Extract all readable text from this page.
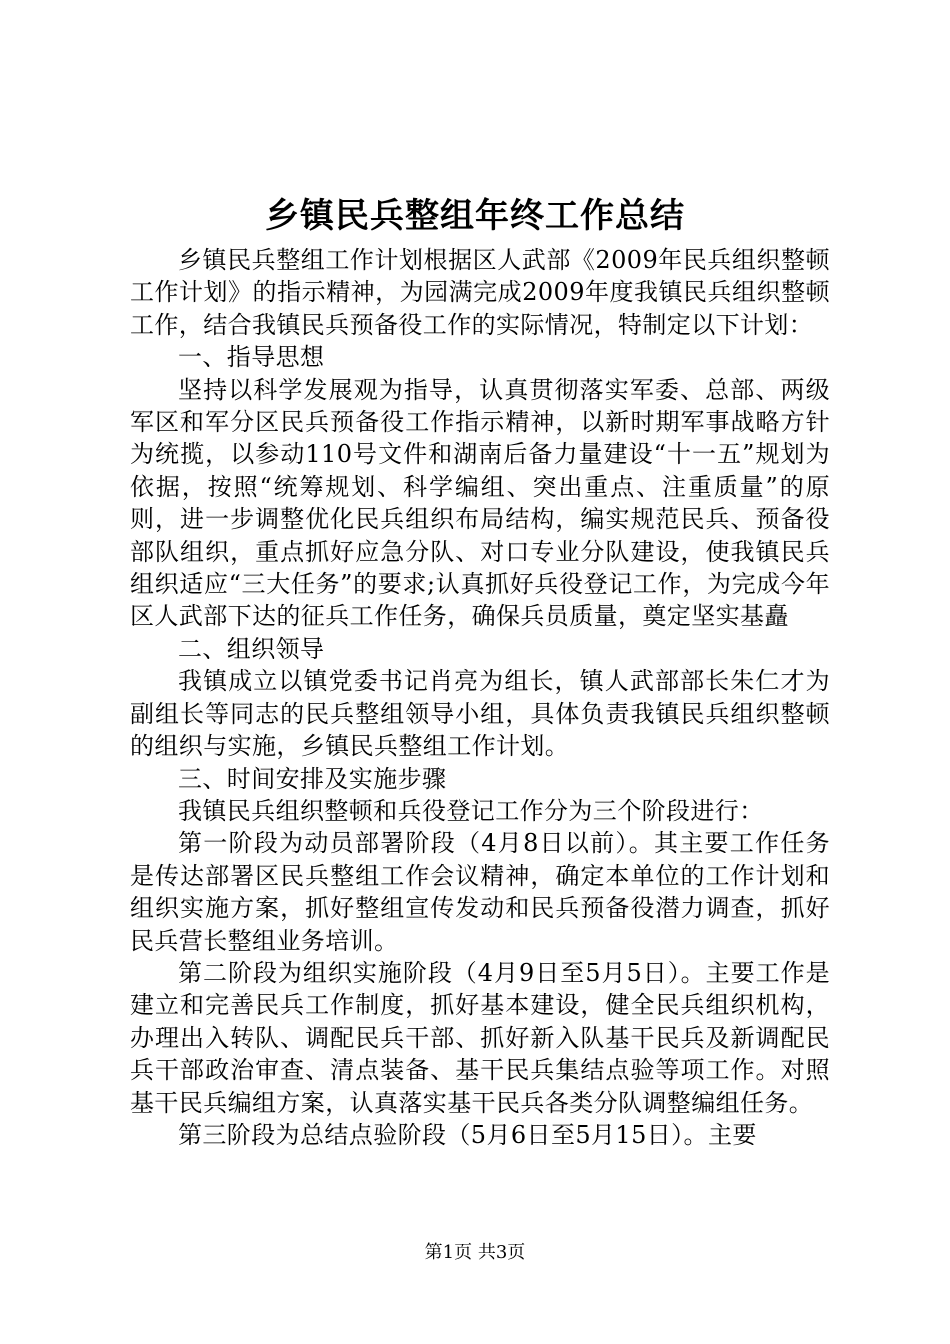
乡镇民兵整组年终工作总结

乡镇民兵整组工作计划根据区人武部《2009年民兵组织整顿工作计划》的指示精神，为园满完成2009年度我镇民兵组织整顿工作，结合我镇民兵预备役工作的实际情况，特制定以下计划：

一、指导思想

坚持以科学发展观为指导，认真贯彻落实军委、总部、两级军区和军分区民兵预备役工作指示精神，以新时期军事战略方针为统揽，以参动110号文件和湖南后备力量建设“十一五”规划为依据，按照“统筹规划、科学编组、突出重点、注重质量”的原则，进一步调整优化民兵组织布局结构，编实规范民兵、预备役部队组织，重点抓好应急分队、对口专业分队建设，使我镇民兵组织适应“三大任务”的要求;认真抓好兵役登记工作，为完成今年区人武部下达的征兵工作任务，确保兵员质量，奠定坚实基矗

二、组织领导

我镇成立以镇党委书记肖亮为组长，镇人武部部长朱仁才为副组长等同志的民兵整组领导小组，具体负责我镇民兵组织整顿的组织与实施，乡镇民兵整组工作计划。

三、时间安排及实施步骤

我镇民兵组织整顿和兵役登记工作分为三个阶段进行：

第一阶段为动员部署阶段（4月8日以前）。其主要工作任务是传达部署区民兵整组工作会议精神，确定本单位的工作计划和组织实施方案，抓好整组宣传发动和民兵预备役潜力调查，抓好民兵营长整组业务培训。

第二阶段为组织实施阶段（4月9日至5月5日）。主要工作是建立和完善民兵工作制度，抓好基本建设，健全民兵组织机构，办理出入转队、调配民兵干部、抓好新入队基干民兵及新调配民兵干部政治审查、清点装备、基干民兵集结点验等项工作。对照基干民兵编组方案，认真落实基干民兵各类分队调整编组任务。

第三阶段为总结点验阶段（5月6日至5月15日）。主要

第1页 共3页
